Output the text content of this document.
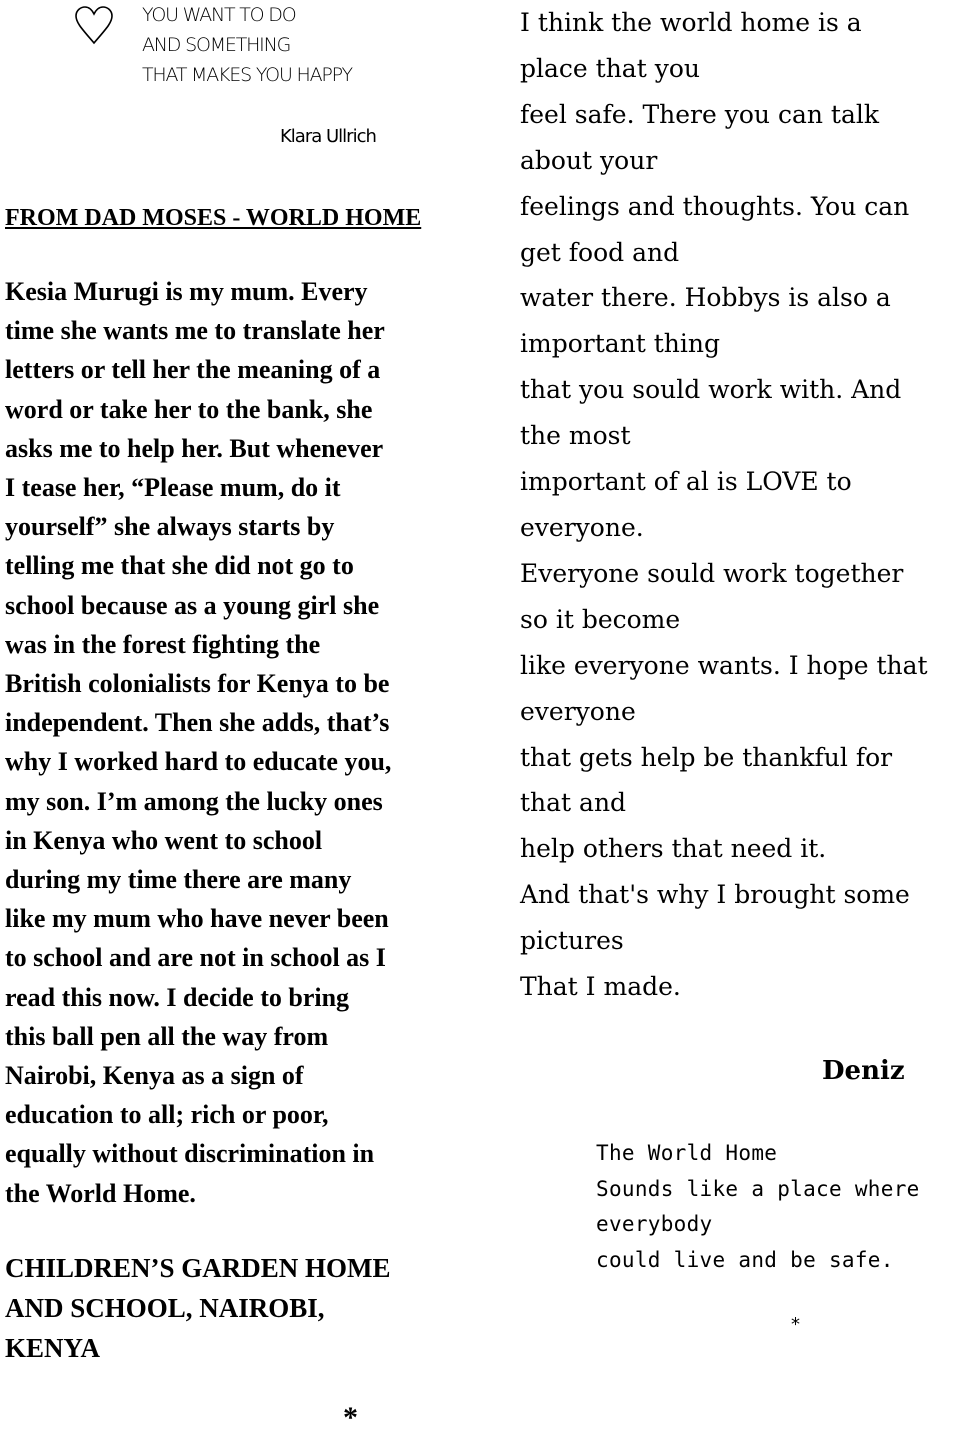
YOU WANT TO DO
AND SOMETHING
THAT MAKES YOU HAPPY
Klara Ullrich
FROM DAD MOSES - WORLD HOME
Kesia Murugi is my mum. Every
time she wants me to translate her
letters or tell her the meaning of a
word or take her to the bank, she
asks me to help her. But whenever
I tease her, “Please mum, do it
yourself” she always starts by
telling me that she did not go to
school because as a young girl she
was in the forest fighting the
British colonialists for Kenya to be
independent. Then she adds, that’s
why I worked hard to educate you,
my son. I’m among the lucky ones
in Kenya who went to school
during my time there are many
like my mum who have never been
to school and are not in school as I
read this now. I decide to bring
this ball pen all the way from
Nairobi, Kenya as a sign of
education to all; rich or poor,
equally without discrimination in
the World Home.
CHILDREN’S GARDEN HOME
AND SCHOOL, NAIROBI,
KENYA
*
I think the world home is a
place that you
feel safe. There you can talk
about your
feelings and thoughts. You can
get food and
water there. Hobbys is also a
important thing
that you sould work with. And
the most
important of al is LOVE to
everyone.
Everyone sould work together
so it become
like everyone wants. I hope that
everyone
that gets help be thankful for
that and
help others that need it.
And that's why I brought some
pictures
That I made.
Deniz
The World Home
Sounds like a place where
everybody
could live and be safe.
*
